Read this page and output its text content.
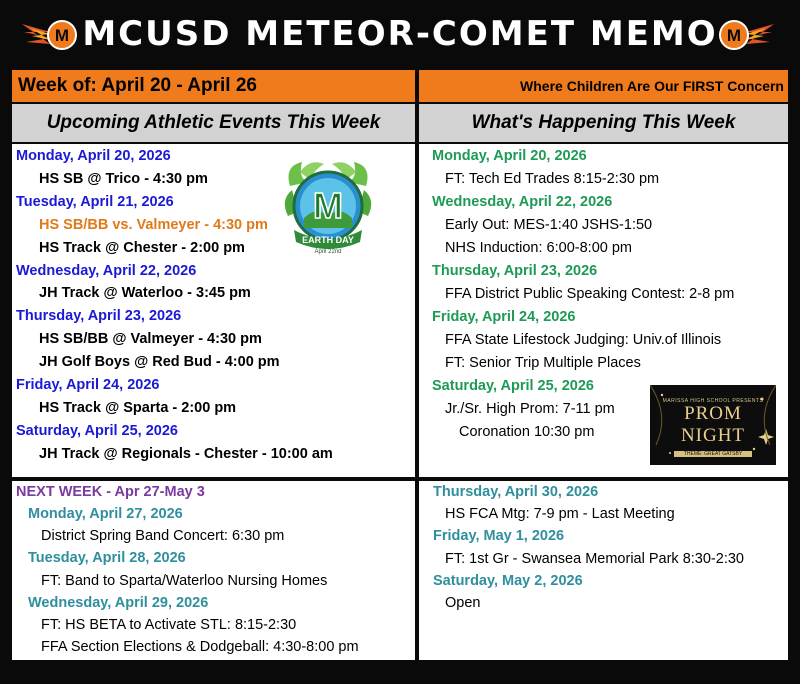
M MCUSD METEOR-COMET MEMO M
Week of: April 20 - April 26	Where Children Are Our FIRST Concern
Upcoming Athletic Events This Week	What's Happening This Week
Monday, April 20, 2026
HS SB @ Trico - 4:30 pm
Tuesday, April 21, 2026
HS SB/BB vs. Valmeyer - 4:30 pm
HS Track @ Chester - 2:00 pm
Wednesday, April 22, 2026
JH Track @ Waterloo - 3:45 pm
Thursday, April 23, 2026
HS SB/BB @ Valmeyer - 4:30 pm
JH Golf Boys @ Red Bud - 4:00 pm
Friday, April 24, 2026
HS Track @ Sparta - 2:00 pm
Saturday, April 25, 2026
JH Track @ Regionals - Chester - 10:00 am
M
EARTH DAY
April 22nd
Monday, April 20, 2026
FT: Tech Ed Trades 8:15-2:30 pm
Wednesday, April 22, 2026
Early Out: MES-1:40 JSHS-1:50
NHS Induction: 6:00-8:00 pm
Thursday, April 23, 2026
FFA District Public Speaking Contest: 2-8 pm
Friday, April 24, 2026
FFA State Lifestock Judging: Univ.of Illinois
FT: Senior Trip Multiple Places
Saturday, April 25, 2026
Jr./Sr. High Prom: 7-11 pm
Coronation 10:30 pm
MARISSA HIGH SCHOOL PRESENTS
PROM
NIGHT
THEME: GREAT GATSBY
NEXT WEEK - Apr 27-May 3
Monday, April 27, 2026
District Spring Band Concert: 6:30 pm
Tuesday, April 28, 2026
FT: Band to Sparta/Waterloo Nursing Homes
Wednesday, April 29, 2026
FT: HS BETA to Activate STL: 8:15-2:30
FFA Section Elections & Dodgeball: 4:30-8:00 pm
Thursday, April 30, 2026
HS FCA Mtg: 7-9 pm - Last Meeting
Friday, May 1, 2026
FT: 1st Gr - Swansea Memorial Park 8:30-2:30
Saturday, May 2, 2026
Open
